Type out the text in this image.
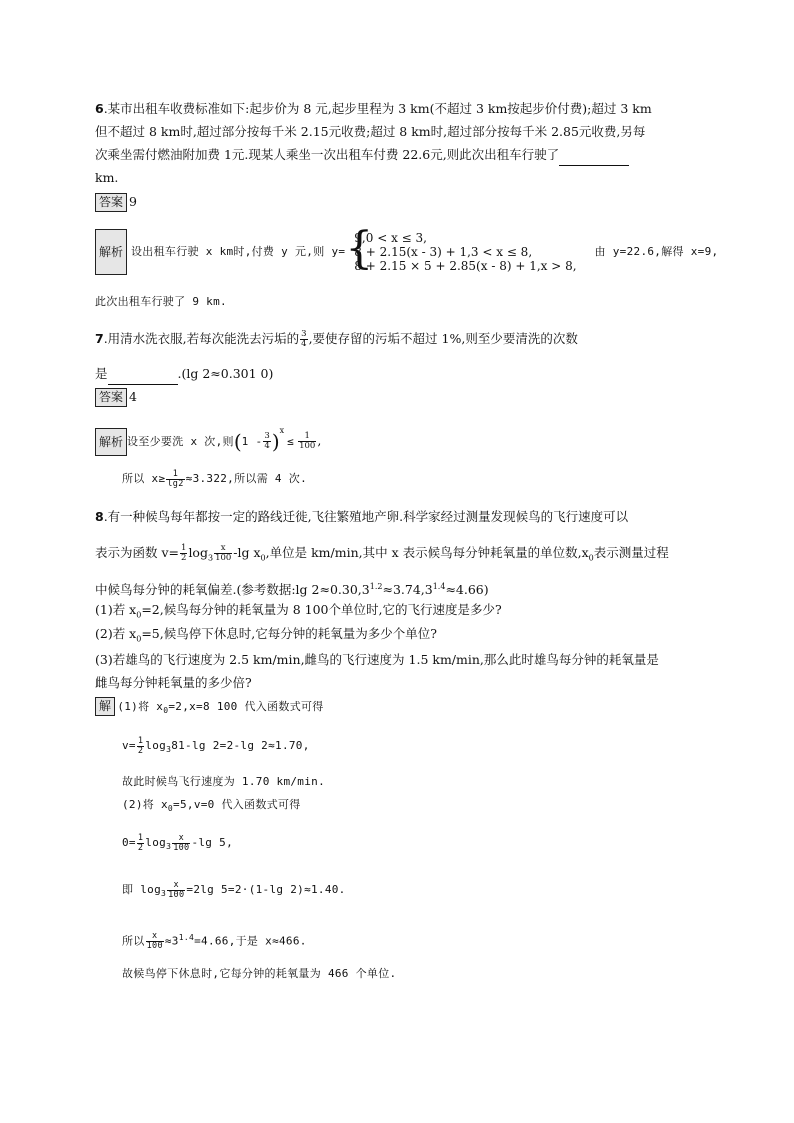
6.某市出租车收费标准如下:起步价为 8 元,起步里程为 3 km(不超过 3 km按起步价付费);超过 3 km
但不超过 8 km时,超过部分按每千米 2.15元收费;超过 8 km时,超过部分按每千米 2.85元收费,另每
次乘坐需付燃油附加费 1元.现某人乘坐一次出租车付费 22.6元,则此次出租车行驶了
km.
答案 9
解析 设出租车行驶 x km时,付费 y 元,则 y= {
9,0 < x ≤ 3,
8 + 2.15(x - 3) + 1,3 < x ≤ 8,
8 + 2.15 × 5 + 2.85(x - 8) + 1,x > 8,
由 y=22.6,解得 x=9,
此次出租车行驶了 9 km.
7.用清水洗衣服,若每次能洗去污垢的 $\frac{3}{4}$ ,要使存留的污垢不超过 1%,则至少要清洗的次数
是	.(lg 2≈0.301 0)
答案 4
解析 设至少要洗 x 次,则$(1 - \frac{3}{4} )^x\le \frac{1}{100}$ ,
所以 $x\ge \frac{1}{\lg 2} \approx 3.322$,所以需 4 次.
8.有一种候鸟每年都按一定的路线迁徙,飞往繁殖地产卵.科学家经过测量发现候鸟的飞行速度可以
表示为函数 $v= \frac{1}{2} \log_3 \frac{x}{100} -\lg$ $x_0$,单位是 km/min,其中 x 表示候鸟每分钟耗氧量的单位数$,x_0$表示测量过程
中候鸟每分钟的耗氧偏差.(参考数据:lg $2\approx 0.30,3^{1.2}\approx 3.74,3^{1.4}\approx 4.66$)
(1)若 $x_0=2$,候鸟每分钟的耗氧量为 8 100个单位时,它的飞行速度是多少?
(2)若 $x_0=5$,候鸟停下休息时,它每分钟的耗氧量为多少个单位?
(3)若雄鸟的飞行速度为 2.5 km/min,雌鸟的飞行速度为 1.5 km/min,那么此时雄鸟每分钟的耗氧量是
雌鸟每分钟耗氧量的多少倍?
解 (1)将 $x_0=2,x=8$ 100 代入函数式可得
$v= \frac{1}{2} \log_381-\lg$ 2=2-lg 2≈1.70,
故此时候鸟飞行速度为 1.70 km/min.
(2)将 $x_0=5,v=0$ 代入函数式可得
$0= \frac{1}{2} \log_3 \frac{x}{100} -\lg$ 5,
即 $\log_3 \frac{x}{100} =2\lg$ 5=2·(1-lg 2)≈1.40.
所以 $\frac{x}{100} \approx 3^{1.4}=4.66$,于是 x≈466.
故候鸟停下休息时,它每分钟的耗氧量为 466 个单位.
